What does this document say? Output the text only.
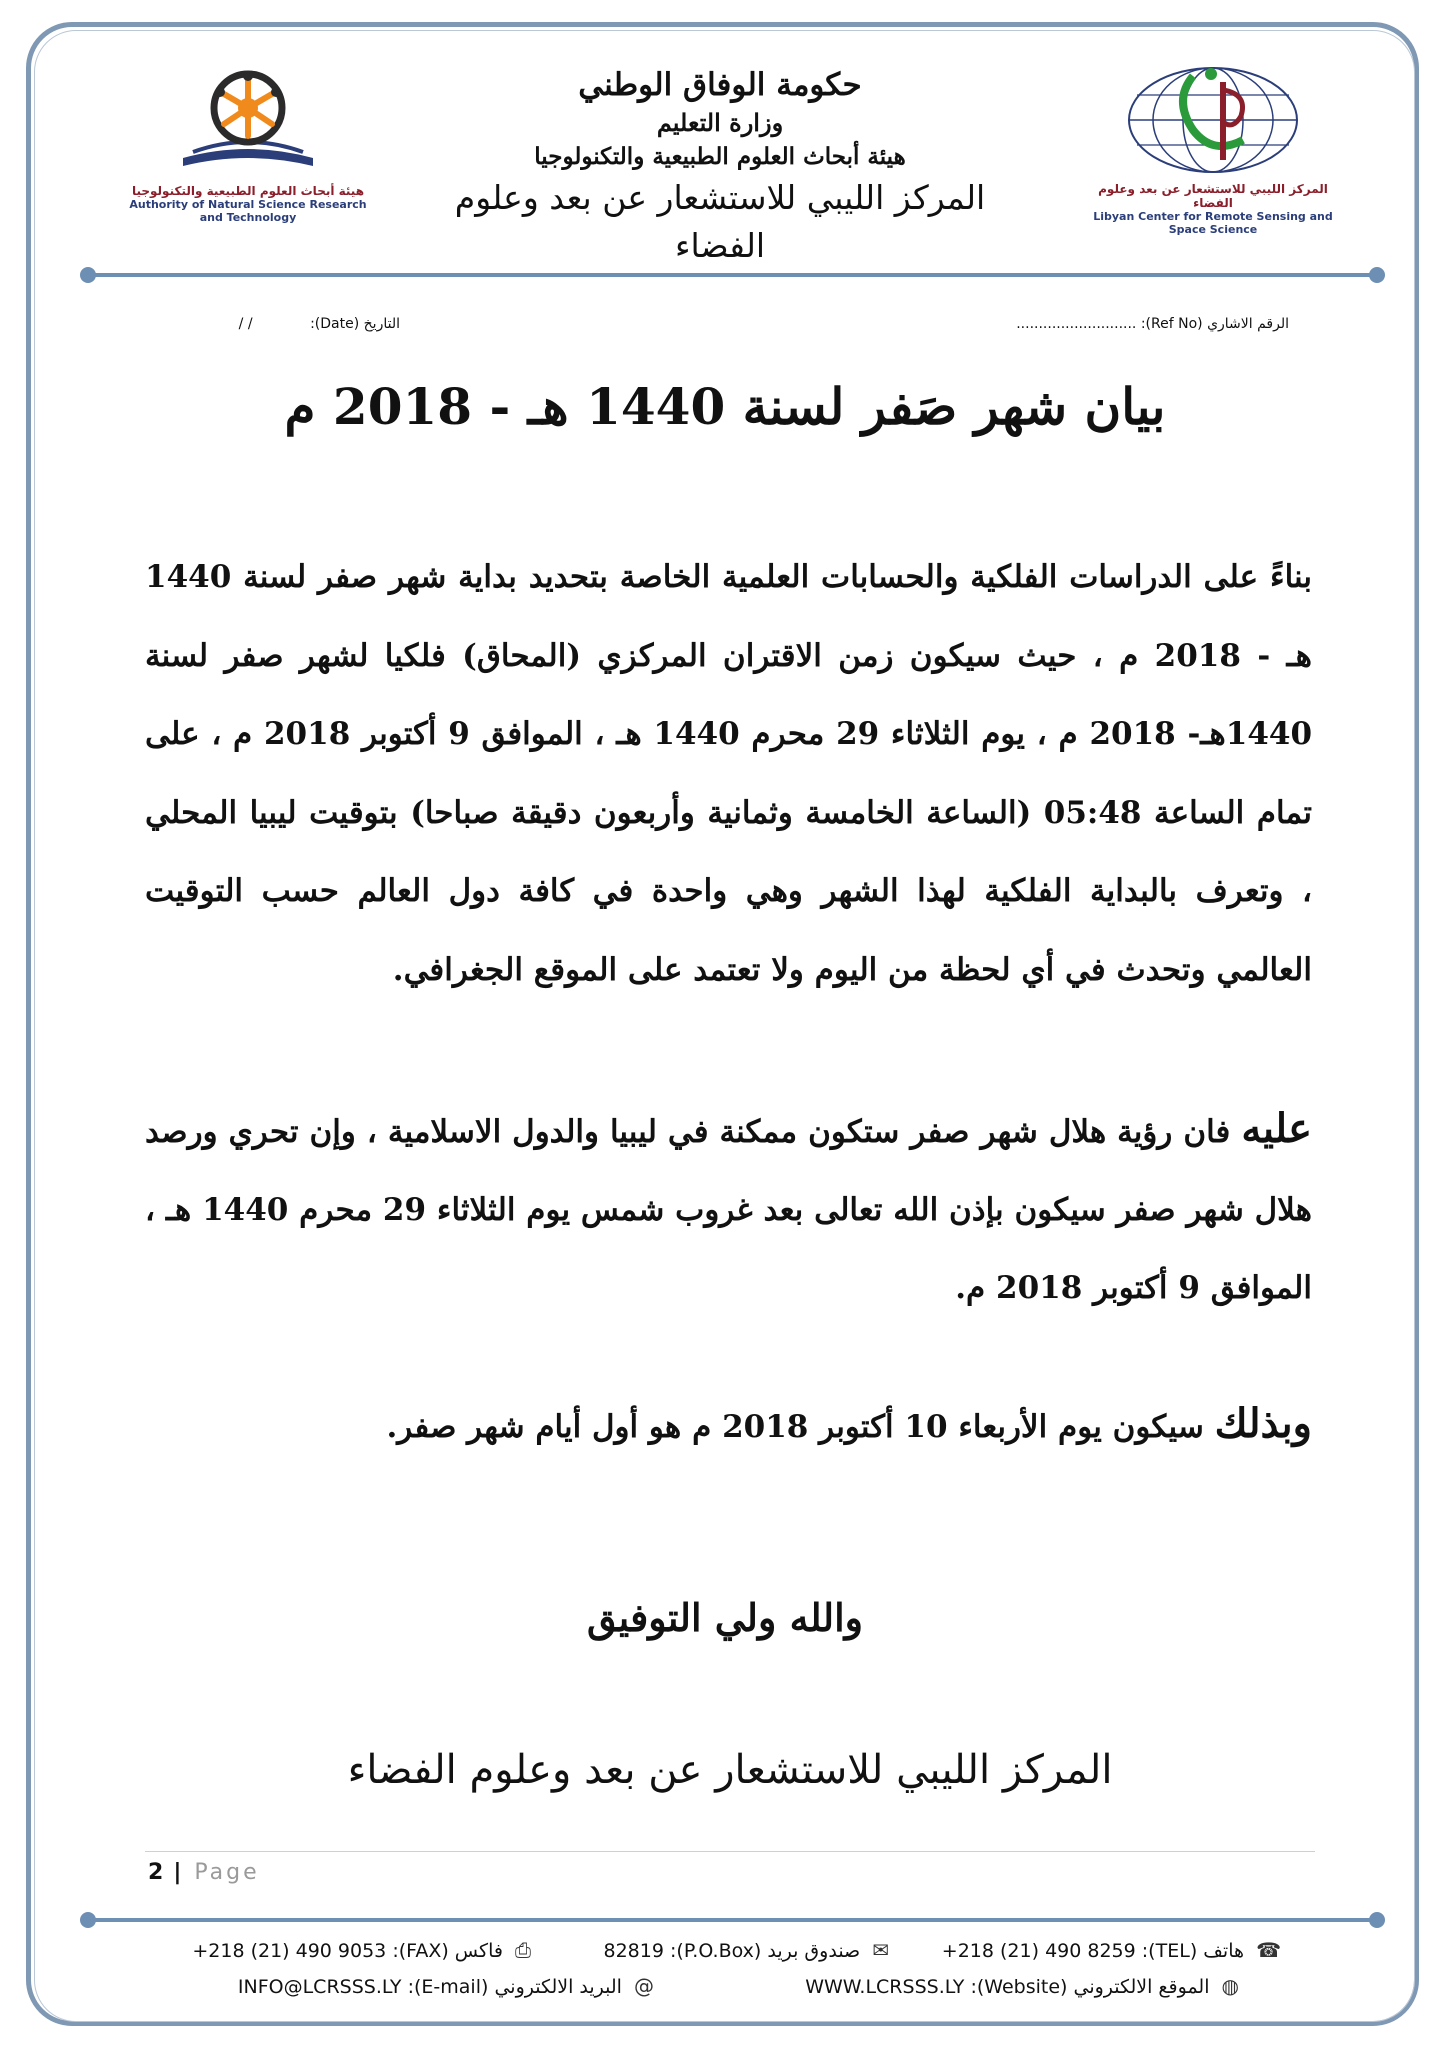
هيئة أبحاث العلوم الطبيعية والتكنولوجيا
Authority of Natural Science Research and Technology
المركز الليبي للاستشعار عن بعد وعلوم الفضاء
Libyan Center for Remote Sensing and Space Science
حكومة الوفاق الوطني
وزارة التعليم
هيئة أبحاث العلوم الطبيعية والتكنولوجيا
المركز الليبي للاستشعار عن بعد وعلوم الفضاء
الرقم الاشاري (Ref No): ...........................
التاريخ (Date): / /
بيان شهر صَفر لسنة 1440 هـ - 2018 م
بناءً على الدراسات الفلكية والحسابات العلمية الخاصة بتحديد بداية شهر صفر لسنة 1440 هـ - 2018 م ، حيث سيكون زمن الاقتران المركزي (المحاق) فلكيا لشهر صفر لسنة 1440هـ- 2018 م ، يوم الثلاثاء 29 محرم 1440 هـ ، الموافق 9 أكتوبر 2018 م ، على تمام الساعة 05:48 (الساعة الخامسة وثمانية وأربعون دقيقة صباحا) بتوقيت ليبيا المحلي ، وتعرف بالبداية الفلكية لهذا الشهر وهي واحدة في كافة دول العالم حسب التوقيت العالمي وتحدث في أي لحظة من اليوم ولا تعتمد على الموقع الجغرافي.
عليه فان رؤية هلال شهر صفر ستكون ممكنة في ليبيا والدول الاسلامية ، وإن تحري ورصد هلال شهر صفر سيكون بإذن الله تعالى بعد غروب شمس يوم الثلاثاء 29 محرم 1440 هـ ، الموافق 9 أكتوبر 2018 م.
وبذلك سيكون يوم الأربعاء 10 أكتوبر 2018 م هو أول أيام شهر صفر.
والله ولي التوفيق
المركز الليبي للاستشعار عن بعد وعلوم الفضاء
2 | Page
☎ هاتف (TEL): +218 (21) 490 8259
✉ صندوق بريد (P.O.Box): 82819
⎙ فاكس (FAX): +218 (21) 490 9053
◍ الموقع الالكتروني (Website): WWW.LCRSSS.LY
@ البريد الالكتروني (E-mail): INFO@LCRSSS.LY
